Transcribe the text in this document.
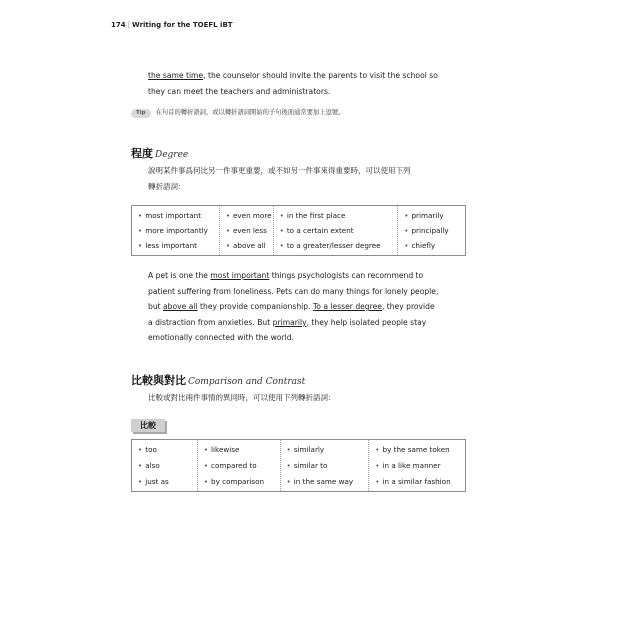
174 | Writing for the TOEFL iBT
the same time, the counselor should invite the parents to visit the school so
they can meet the teachers and administrators.
Tip 在句首的轉折語詞，或以轉折語詞開始的子句後面通常要加上逗號。
程度 Degree
說明某件事爲何比另一件事更重要，或不如另一件事來得重要時，可以使用下列
轉折語詞：
• most important
• more importantly
• less important
• even more
• even less
• above all
• in the first place
• to a certain extent
• to a greater/lesser degree
• primarily
• principally
• chiefly
A pet is one the most important things psychologists can recommend to
patient suffering from loneliness. Pets can do many things for lonely people,
but above all they provide companionship. To a lesser degree, they provide
a distraction from anxieties. But primarily, they help isolated people stay
emotionally connected with the world.
比較與對比 Comparison and Contrast
比較或對比兩件事情的異同時，可以使用下列轉折語詞：
比較
• too
• also
• just as
• likewise
• compared to
• by comparison
• similarly
• similar to
• in the same way
• by the same token
• in a like manner
• in a similar fashion
